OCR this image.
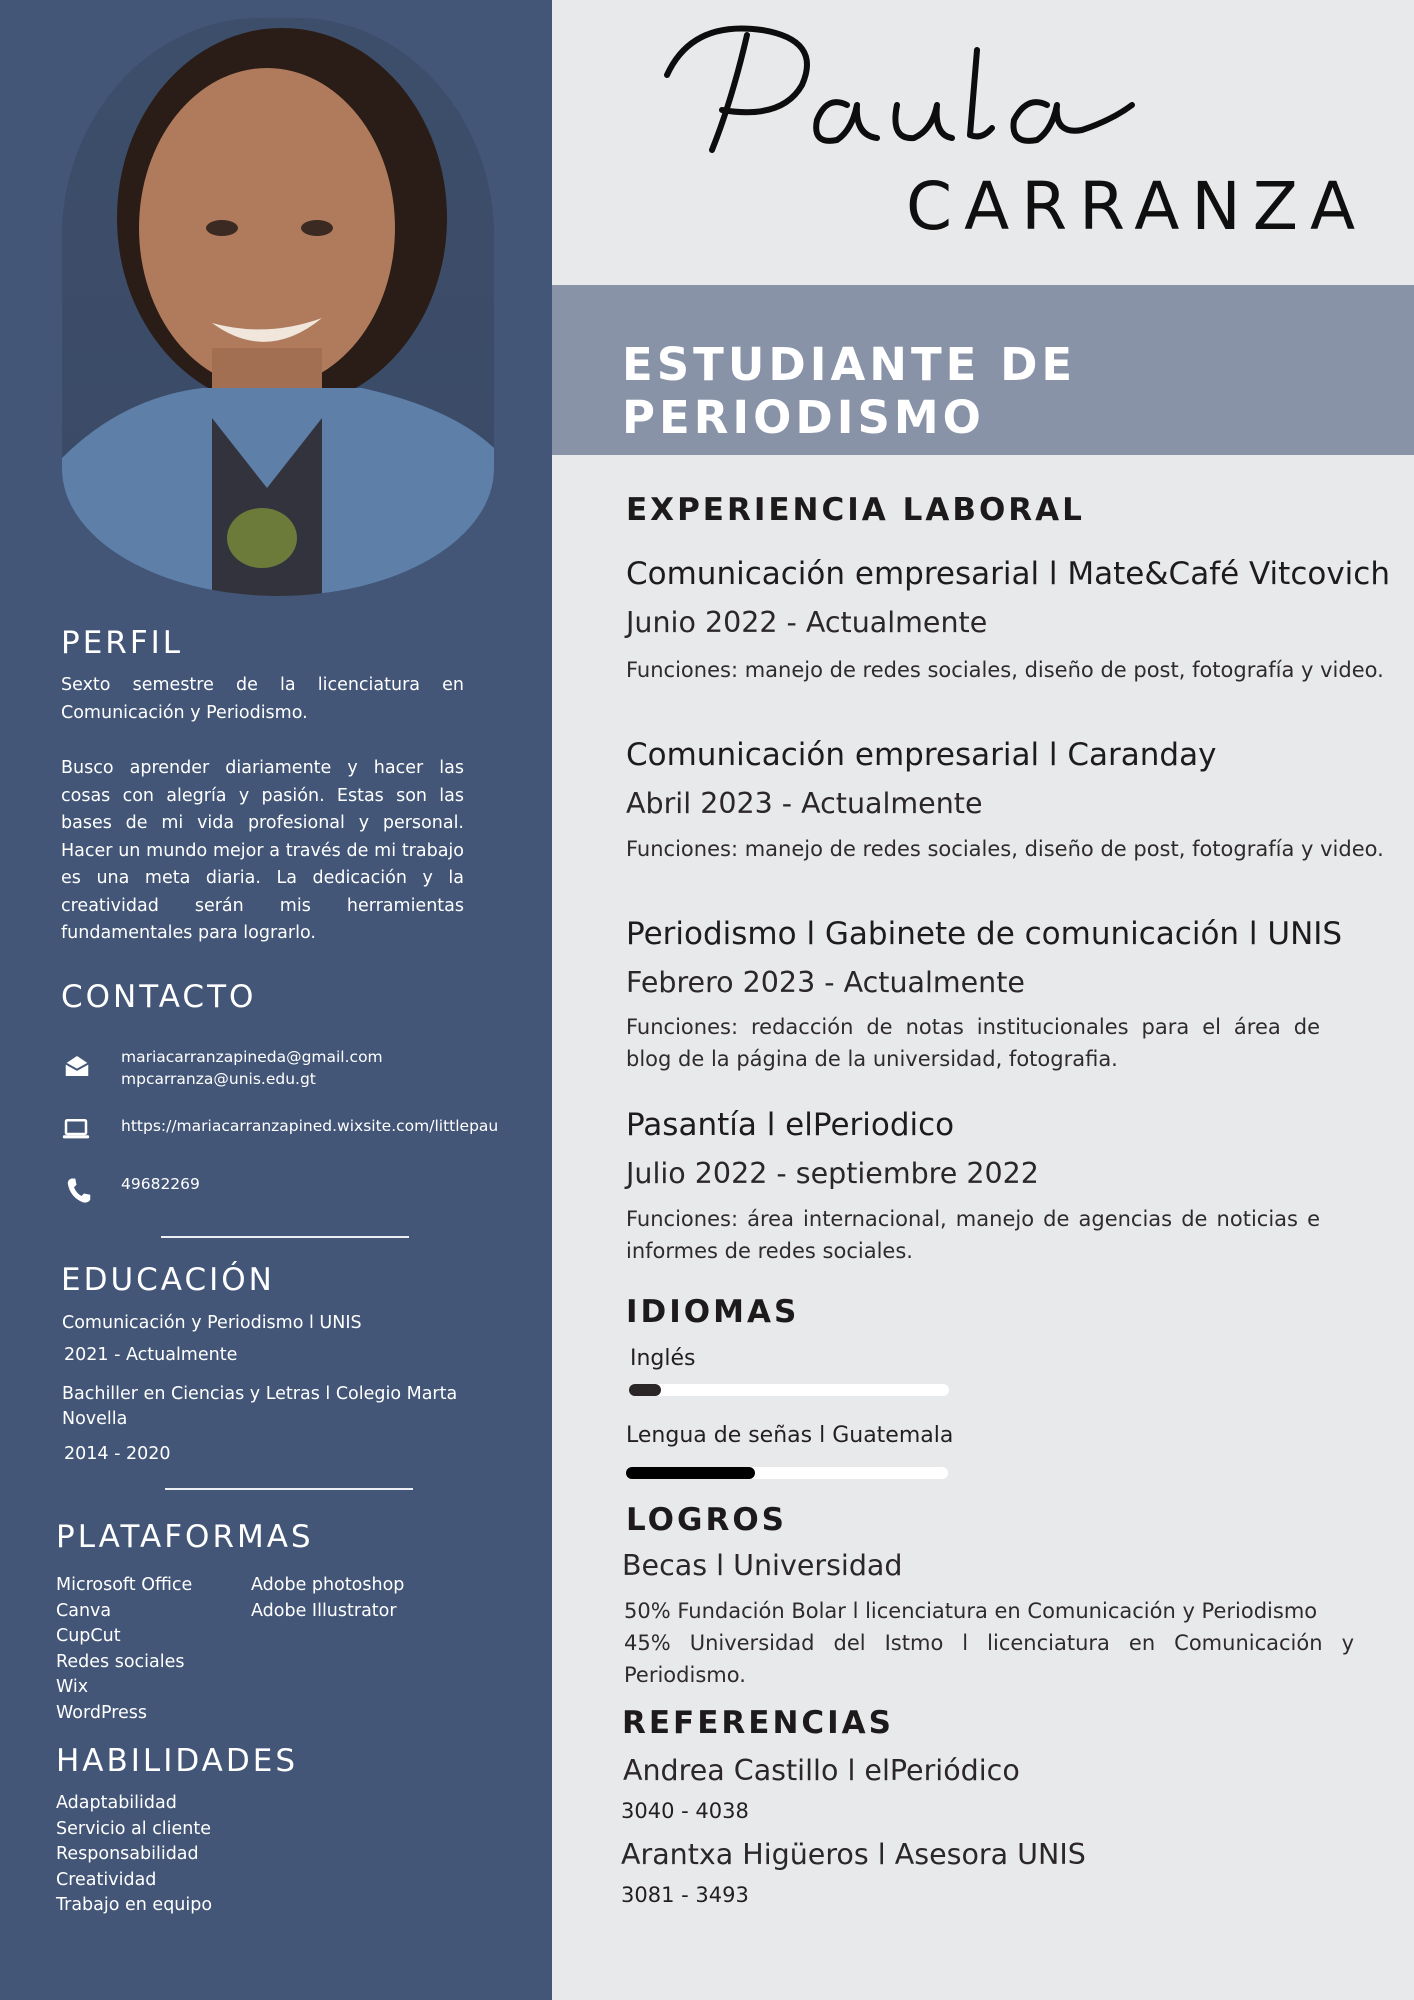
PERFIL

Sexto semestre de la licenciatura en Comunicación y Periodismo.

Busco aprender diariamente y hacer las cosas con alegría y pasión. Estas son las bases de mi vida profesional y personal. Hacer un mundo mejor a través de mi trabajo es una meta diaria. La dedicación y la creatividad serán mis herramientas fundamentales para lograrlo.

CONTACTO
mariacarranzapineda@gmail.com
mpcarranza@unis.edu.gt
https://mariacarranzapined.wixsite.com/littlepau
49682269
EDUCACIÓN
Comunicación y Periodismo l UNIS
2021 - Actualmente
Bachiller en Ciencias y Letras l Colegio Marta Novella
2014 - 2020
PLATAFORMAS
Microsoft Office
Canva
CupCut
Redes sociales
Wix
WordPress
Adobe photoshop
Adobe Illustrator
HABILIDADES
Adaptabilidad
Servicio al cliente
Responsabilidad
Creatividad
Trabajo en equipo
CARRANZA
ESTUDIANTE DE PERIODISMO
EXPERIENCIA LABORAL
Comunicación empresarial l Mate&Café Vitcovich
Junio 2022 - Actualmente
Funciones: manejo de redes sociales, diseño de post, fotografía y video.
Comunicación empresarial l Caranday
Abril 2023 - Actualmente
Funciones: manejo de redes sociales, diseño de post, fotografía y video.
Periodismo l Gabinete de comunicación l UNIS
Febrero 2023 - Actualmente
Funciones: redacción de notas institucionales para el área de blog de la página de la universidad, fotografia.
Pasantía l elPeriodico
Julio 2022 - septiembre 2022
Funciones: área internacional, manejo de agencias de noticias e informes de redes sociales.
IDIOMAS
Inglés
Lengua de señas l Guatemala
LOGROS
Becas l Universidad
50% Fundación Bolar l licenciatura en Comunicación y Periodismo
45% Universidad del Istmo l licenciatura en Comunicación y Periodismo.
REFERENCIAS
Andrea Castillo l elPeriódico
3040 - 4038
Arantxa Higüeros l Asesora UNIS
3081 - 3493
